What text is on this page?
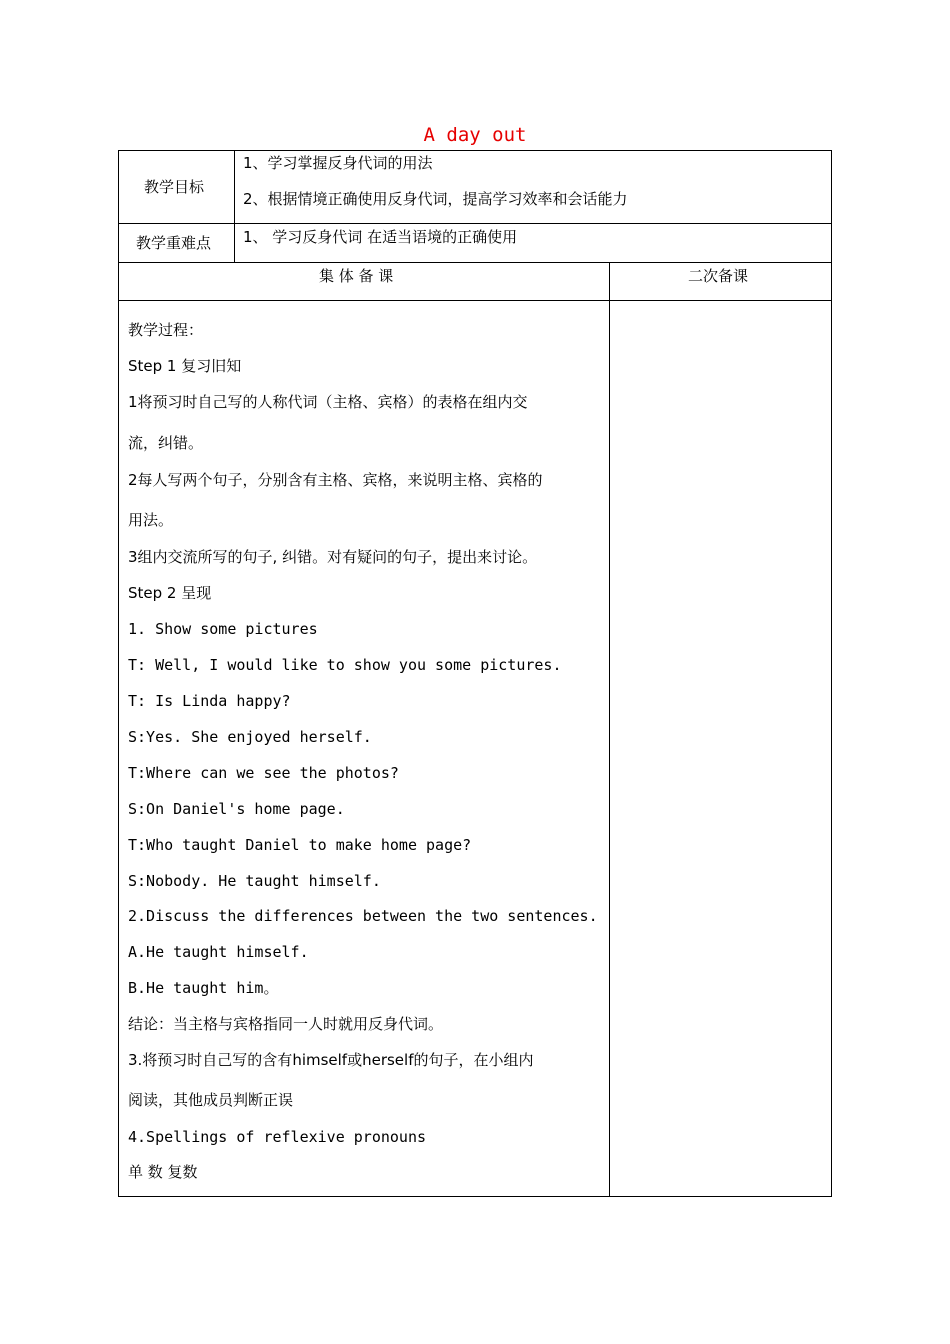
A day out
教学目标
1、学习掌握反身代词的用法
2、根据情境正确使用反身代词，提高学习效率和会话能力
教学重难点 1、 学习反身代词 在适当语境的正确使用
集 体 备 课	二次备课
教学过程：
Step 1 复习旧知
1将预习时自己写的人称代词（主格、宾格）的表格在组内交
流，纠错。
2每人写两个句子，分别含有主格、宾格，来说明主格、宾格的
用法。
3组内交流所写的句子, 纠错。对有疑问的句子，提出来讨论。
Step 2 呈现
1. Show some pictures
T: Well, I would like to show you some pictures.
T: Is Linda happy?
S:Yes. She enjoyed herself.
T:Where can we see the photos?
S:On Daniel's home page.
T:Who taught Daniel to make home page?
S:Nobody. He taught himself.
2.Discuss the differences between the two sentences.
A.He taught himself.
B.He taught him。
结论：当主格与宾格指同一人时就用反身代词。
3.将预习时自己写的含有himself或herself的句子，在小组内
阅读，其他成员判断正误
4.Spellings of reflexive pronouns
单 数 复数
